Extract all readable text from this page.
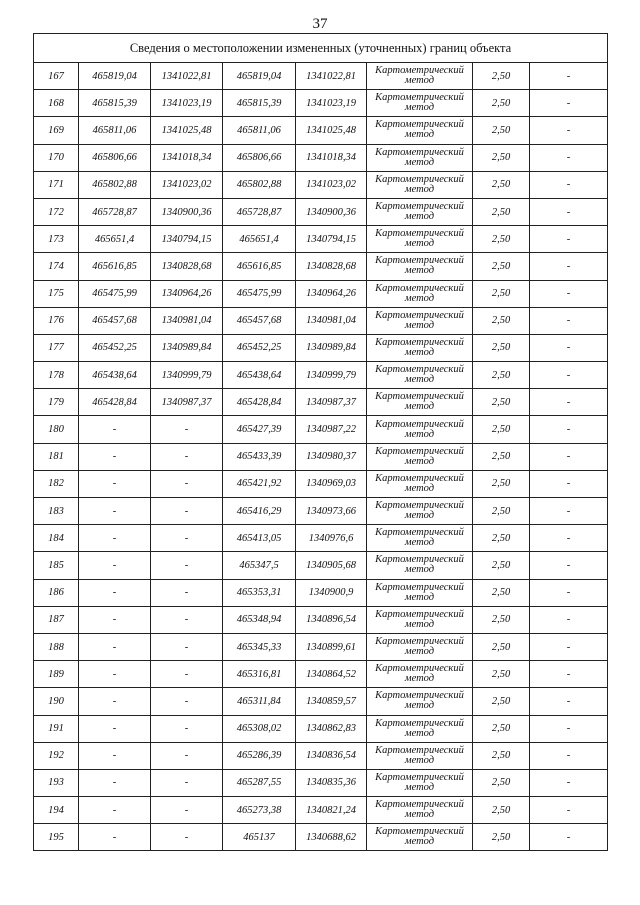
37
Сведения о местоположении измененных (уточненных) границ объекта							
167	465819,04	1341022,81	465819,04	1341022,81	Картометрический метод	2,50	-
168	465815,39	1341023,19	465815,39	1341023,19	Картометрический метод	2,50	-
169	465811,06	1341025,48	465811,06	1341025,48	Картометрический метод	2,50	-
170	465806,66	1341018,34	465806,66	1341018,34	Картометрический метод	2,50	-
171	465802,88	1341023,02	465802,88	1341023,02	Картометрический метод	2,50	-
172	465728,87	1340900,36	465728,87	1340900,36	Картометрический метод	2,50	-
173	465651,4	1340794,15	465651,4	1340794,15	Картометрический метод	2,50	-
174	465616,85	1340828,68	465616,85	1340828,68	Картометрический метод	2,50	-
175	465475,99	1340964,26	465475,99	1340964,26	Картометрический метод	2,50	-
176	465457,68	1340981,04	465457,68	1340981,04	Картометрический метод	2,50	-
177	465452,25	1340989,84	465452,25	1340989,84	Картометрический метод	2,50	-
178	465438,64	1340999,79	465438,64	1340999,79	Картометрический метод	2,50	-
179	465428,84	1340987,37	465428,84	1340987,37	Картометрический метод	2,50	-
180	-	-	465427,39	1340987,22	Картометрический метод	2,50	-
181	-	-	465433,39	1340980,37	Картометрический метод	2,50	-
182	-	-	465421,92	1340969,03	Картометрический метод	2,50	-
183	-	-	465416,29	1340973,66	Картометрический метод	2,50	-
184	-	-	465413,05	1340976,6	Картометрический метод	2,50	-
185	-	-	465347,5	1340905,68	Картометрический метод	2,50	-
186	-	-	465353,31	1340900,9	Картометрический метод	2,50	-
187	-	-	465348,94	1340896,54	Картометрический метод	2,50	-
188	-	-	465345,33	1340899,61	Картометрический метод	2,50	-
189	-	-	465316,81	1340864,52	Картометрический метод	2,50	-
190	-	-	465311,84	1340859,57	Картометрический метод	2,50	-
191	-	-	465308,02	1340862,83	Картометрический метод	2,50	-
192	-	-	465286,39	1340836,54	Картометрический метод	2,50	-
193	-	-	465287,55	1340835,36	Картометрический метод	2,50	-
194	-	-	465273,38	1340821,24	Картометрический метод	2,50	-
195	-	-	465137	1340688,62	Картометрический метод	2,50	-
